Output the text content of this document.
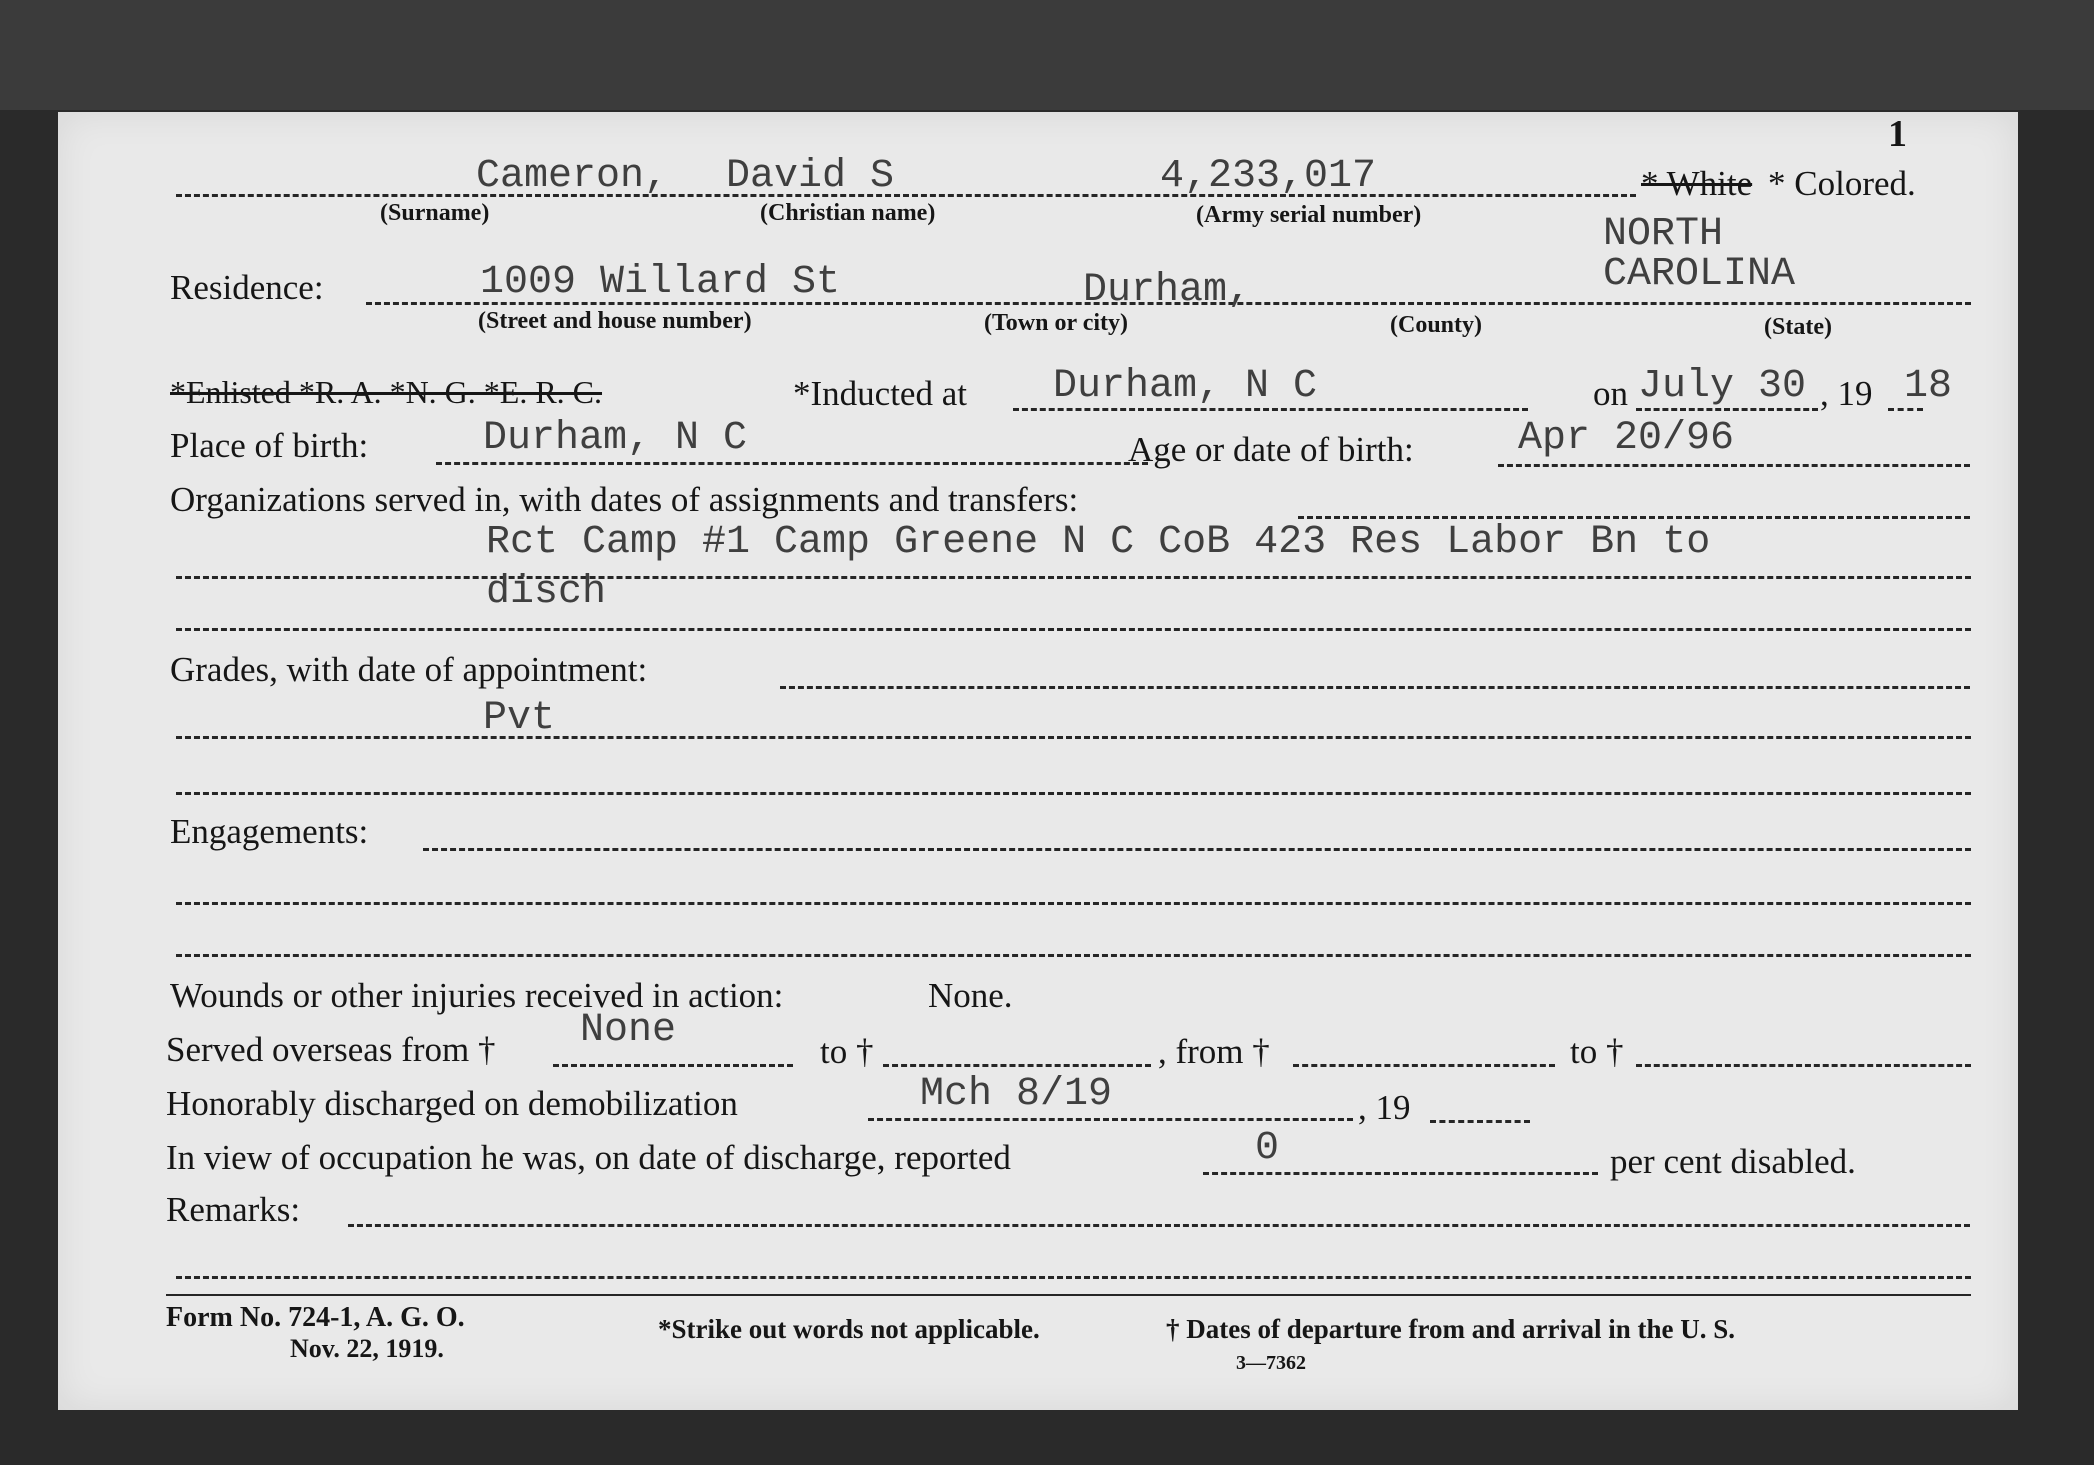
1
Cameron, David S	4,233,017
(Surname)	(Christian name)	(Army serial number)
* White * Colored.
Residence:	1009 Willard St	Durham,
NORTH
CAROLINA
(Street and house number)	(Town or city)	(County)	(State)
*Enlisted *R. A. *N. G. *E. R. C.	*Inducted at Durham, N C	on July 30 , 19 18
Place of birth:	Durham, N C	Age or date of birth:	Apr 20/96
Organizations served in, with dates of assignments and transfers:
Rct Camp #1 Camp Greene N C CoB 423 Res Labor Bn to
disch
Grades, with date of appointment:
Pvt
Engagements:
Wounds or other injuries received in action:	None.
Served overseas from † None	to †	, from †	to †
Honorably discharged on demobilization	Mch 8/19	, 19
In view of occupation he was, on date of discharge, reported	0	per cent disabled.
Remarks:
Form No. 724-1, A. G. O.
Nov. 22, 1919.
*Strike out words not applicable.	† Dates of departure from and arrival in the U. S.
3—7362
